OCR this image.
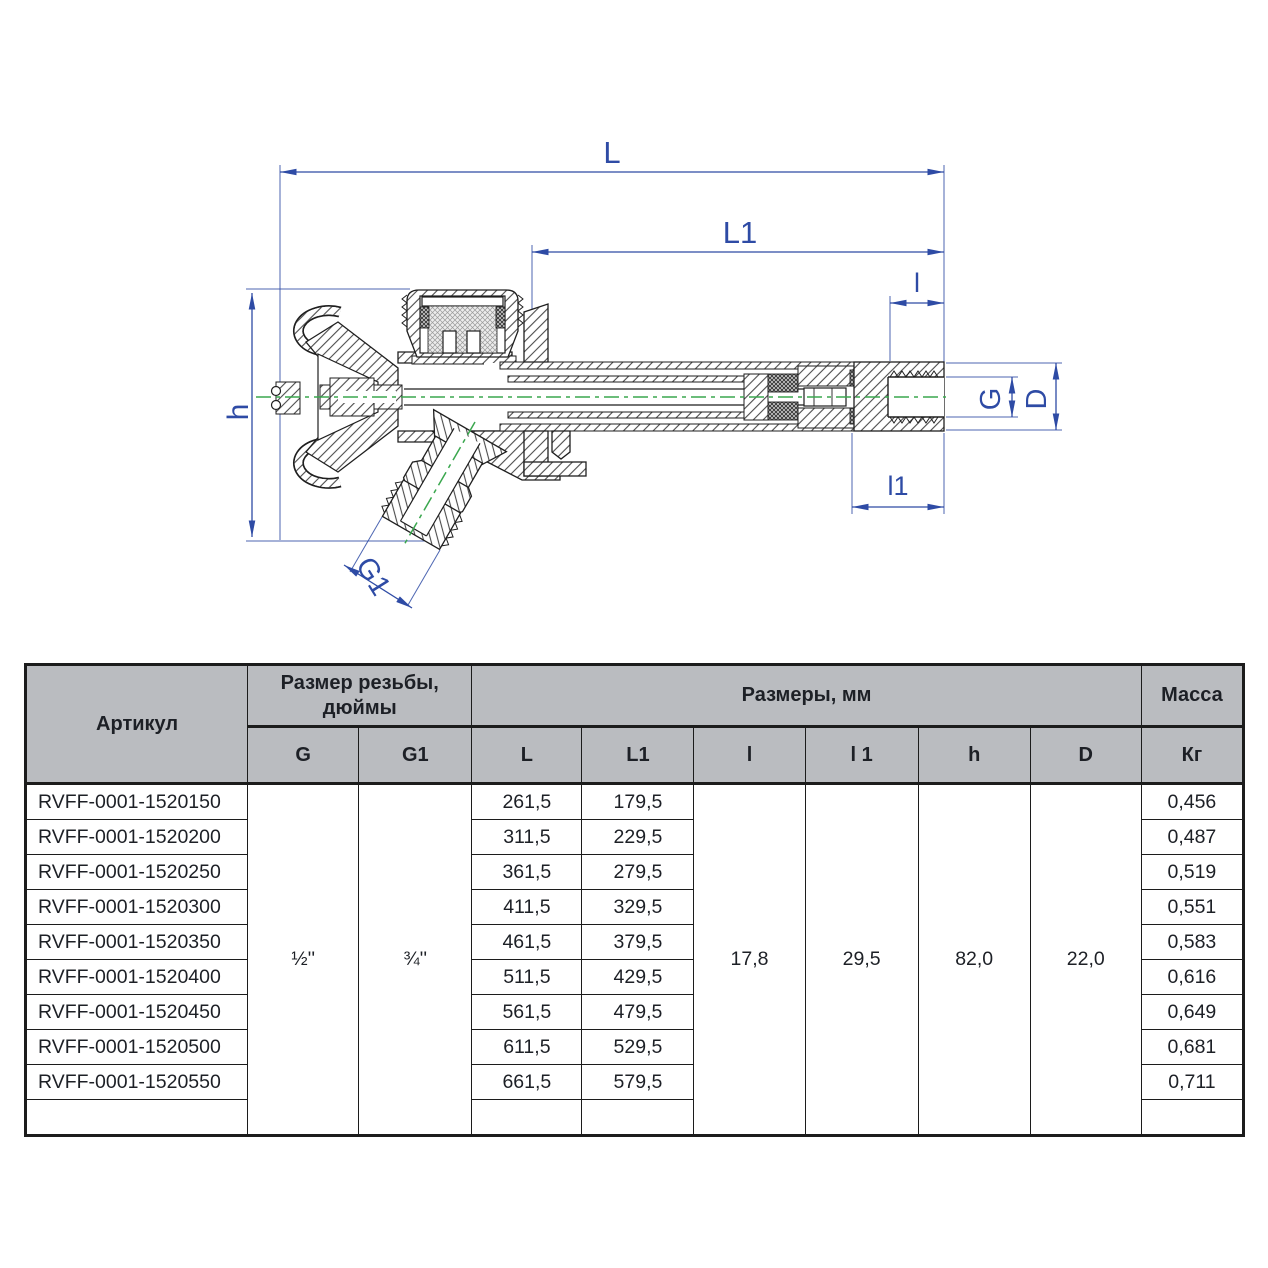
L
L1
l
l1
h
G D
G1
Артикул	Размер резьбы, дюймы		Размеры, мм						Масса
	G	G1	L	L1	l	l 1	h	D	Кг
RVFF-0001-1520150	½''	¾''	261,5	179,5	17,8	29,5	82,0	22,0	0,456
RVFF-0001-1520200			311,5	229,5					0,487
RVFF-0001-1520250			361,5	279,5					0,519
RVFF-0001-1520300			411,5	329,5					0,551
RVFF-0001-1520350			461,5	379,5					0,583
RVFF-0001-1520400			511,5	429,5					0,616
RVFF-0001-1520450			561,5	479,5					0,649
RVFF-0001-1520500			611,5	529,5					0,681
RVFF-0001-1520550			661,5	579,5					0,711
